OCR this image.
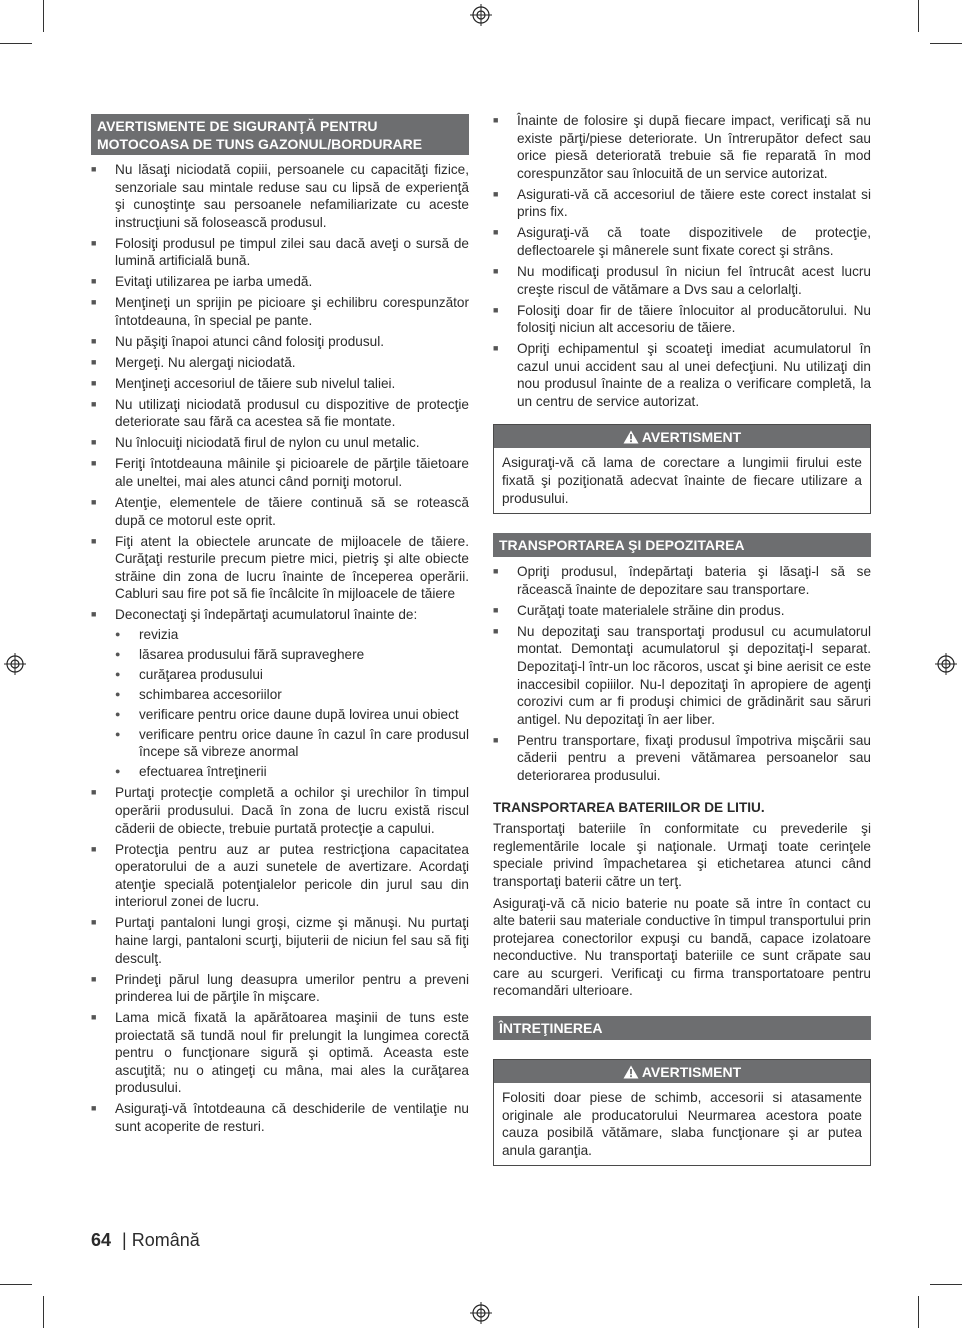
AVERTISMENTE DE SIGURANŢĂ PENTRU MOTOCOASA DE TUNS GAZONUL/BORDURARE
■ Nu lăsaţi niciodată copiii, persoanele cu capacităţi fizice, senzoriale sau mintale reduse sau cu lipsă de experienţă şi cunoştinţe sau persoanele nefamiliarizate cu aceste instrucţiuni să folosească produsul.
■ Folosiţi produsul pe timpul zilei sau dacă aveţi o sursă de lumină artificială bună.
■ Evitaţi utilizarea pe iarba umedă.
■ Menţineţi un sprijin pe picioare şi echilibru corespunzător întotdeauna, în special pe pante.
■ Nu păşiţi înapoi atunci când folosiţi produsul.
■ Mergeţi. Nu alergaţi niciodată.
■ Menţineţi accesoriul de tăiere sub nivelul taliei.
■ Nu utilizaţi niciodată produsul cu dispozitive de protecţie deteriorate sau fără ca acestea să fie montate.
■ Nu înlocuiţi niciodată firul de nylon cu unul metalic.
■ Feriţi întotdeauna mâinile şi picioarele de părţile tăietoare ale uneltei, mai ales atunci când porniţi motorul.
■ Atenţie, elementele de tăiere continuă să se rotească după ce motorul este oprit.
■ Fiţi atent la obiectele aruncate de mijloacele de tăiere. Curăţaţi resturile precum pietre mici, pietriş şi alte obiecte străine din zona de lucru înainte de începerea operării. Cabluri sau fire pot să fie încâlcite în mijloacele de tăiere
■ Deconectaţi şi îndepărtaţi acumulatorul înainte de:
● revizia
● lăsarea produsului fără supraveghere
● curăţarea produsului
● schimbarea accesoriilor
● verificare pentru orice daune după lovirea unui obiect
● verificare pentru orice daune în cazul în care produsul începe să vibreze anormal
● efectuarea întreţinerii
■ Purtaţi protecţie completă a ochilor şi urechilor în timpul operării produsului. Dacă în zona de lucru există riscul căderii de obiecte, trebuie purtată protecţie a capului.
■ Protecţia pentru auz ar putea restricţiona capacitatea operatorului de a auzi sunetele de avertizare. Acordaţi atenţie specială potenţialelor pericole din jurul sau din interiorul zonei de lucru.
■ Purtaţi pantaloni lungi groşi, cizme şi mănuşi. Nu purtaţi haine largi, pantaloni scurţi, bijuterii de niciun fel sau să fiţi desculţ.
■ Prindeţi părul lung deasupra umerilor pentru a preveni prinderea lui de părţile în mişcare.
■ Lama mică fixată la apărătoarea maşinii de tuns este proiectată să tundă noul fir prelungit la lungimea corectă pentru o funcţionare sigură şi optimă. Aceasta este ascuţită; nu o atingeţi cu mâna, mai ales la curăţarea produsului.
■ Asiguraţi-vă întotdeauna că deschiderile de ventilaţie nu sunt acoperite de resturi.
■ Înainte de folosire şi după fiecare impact, verificaţi să nu existe părţi/piese deteriorate. Un întrerupător defect sau orice piesă deteriorată trebuie să fie reparată în mod corespunzător sau înlocuită de un service autorizat.
■ Asigurati-vă că accesoriul de tăiere este corect instalat si prins fix.
■ Asiguraţi-vă că toate dispozitivele de protecţie, deflectoarele şi mânerele sunt fixate corect şi strâns.
■ Nu modificaţi produsul în niciun fel întrucât acest lucru creşte riscul de vătămare a Dvs sau a celorlalţi.
■ Folosiţi doar fir de tăiere înlocuitor al producătorului. Nu folosiţi niciun alt accesoriu de tăiere.
■ Opriţi echipamentul şi scoateţi imediat acumulatorul în cazul unui accident sau al unei defecţiuni. Nu utilizaţi din nou produsul înainte de a realiza o verificare completă, la un centru de service autorizat.
AVERTISMENT
Asiguraţi-vă că lama de corectare a lungimii firului este fixată şi poziţionată adecvat înainte de fiecare utilizare a produsului.
TRANSPORTAREA ŞI DEPOZITAREA
■ Opriţi produsul, îndepărtaţi bateria şi lăsaţi-l să se răcească înainte de depozitare sau transportare.
■ Curăţaţi toate materialele străine din produs.
■ Nu depozitaţi sau transportaţi produsul cu acumulatorul montat. Demontaţi acumulatorul şi depozitaţi-l separat. Depozitaţi-l într-un loc răcoros, uscat şi bine aerisit ce este inaccesibil copiiilor. Nu-l depozitaţi în apropiere de agenţi corozivi cum ar fi produşi chimici de grădinărit sau săruri antigel. Nu depozitaţi în aer liber.
■ Pentru transportare, fixaţi produsul împotriva mişcării sau căderii pentru a preveni vătămarea persoanelor sau deteriorarea produsului.
TRANSPORTAREA BATERIILOR DE LITIU.

Transportaţi bateriile în conformitate cu prevederile şi reglementările locale şi naţionale. Urmaţi toate cerinţele speciale privind împachetarea şi etichetarea atunci când transportaţi baterii către un terţ.

Asiguraţi-vă că nicio baterie nu poate să intre în contact cu alte baterii sau materiale conductive în timpul transportului prin protejarea conectorilor expuşi cu bandă, capace izolatoare neconductive. Nu transportaţi bateriile ce sunt crăpate sau care au scurgeri. Verificaţi cu firma transportatoare pentru recomandări ulterioare.

ÎNTREŢINEREA
AVERTISMENT
Folositi doar piese de schimb, accesorii si atasamente originale ale producatorului Neurmarea acestora poate cauza posibilă vătămare, slaba funcţionare şi ar putea anula garanţia.
64 | Română
